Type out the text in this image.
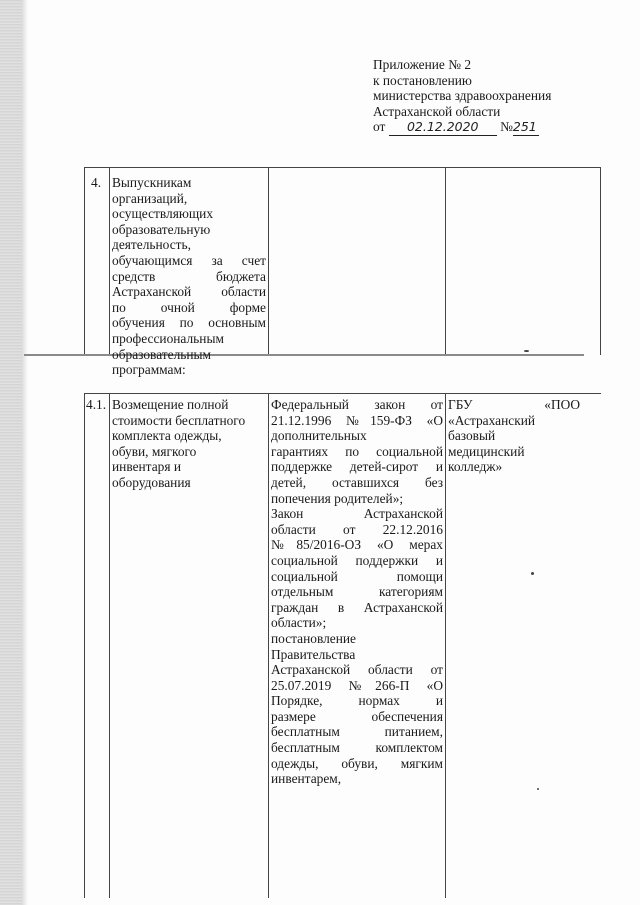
Приложение № 2
к постановлению
министерства здравоохранения
Астраханской области
от 02.12.2020 №251
4. Выпускникам
организаций,
осуществляющих
образовательную
деятельность,
обучающимся за счет
средств бюджета
Астраханской области
по очной форме
обучения по основным
профессиональным
образовательным
программам:
4.1. Возмещение полной
стоимости бесплатного
комплекта одежды,
обуви, мягкого
инвентаря и
оборудования
Федеральный закон от
21.12.1996 №159-ФЗ «О
дополнительных
гарантиях по социальной
поддержке детей-сирот и
детей, оставшихся без
попечения родителей»;
Закон Астраханской
области от 22.12.2016
№85/2016-ОЗ «О мерах
социальной поддержки и
социальной помощи
отдельным категориям
граждан в Астраханской
области»;
постановление
Правительства
Астраханской области от
25.07.2019 №266-П «О
Порядке, нормах и
размере обеспечения
бесплатным питанием,
бесплатным комплектом
одежды, обуви, мягким
инвентарем,
ГБУ «ПОО
«Астраханский
базовый
медицинский
колледж»
